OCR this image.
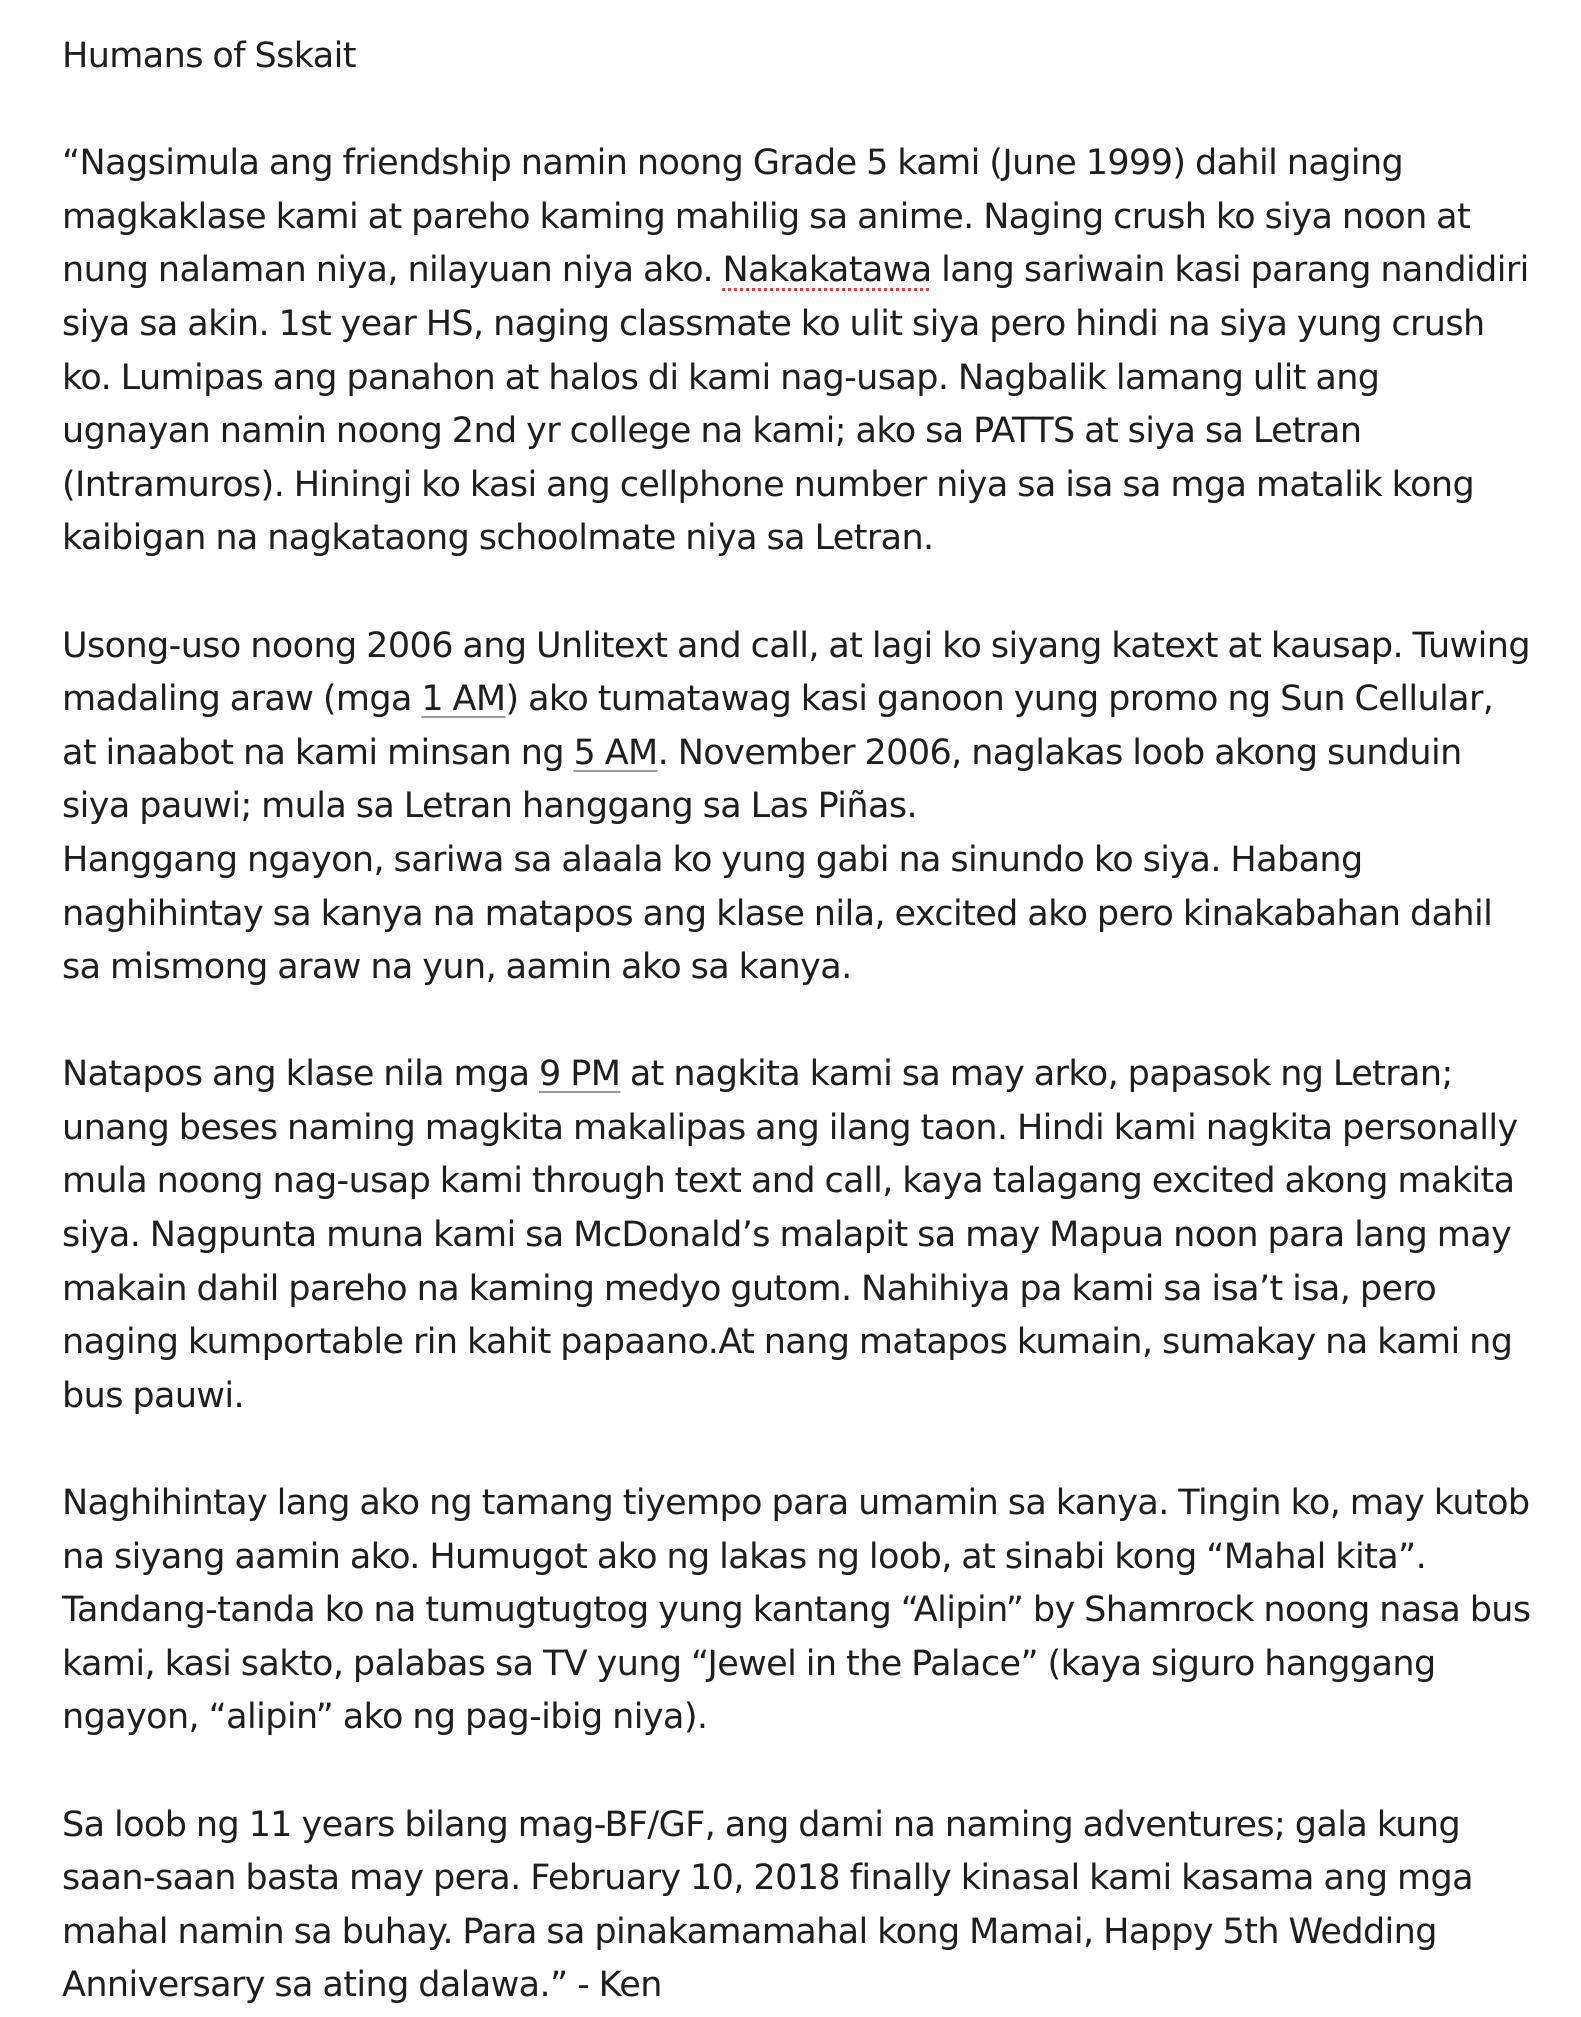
Humans of Sskait
“Nagsimula ang friendship namin noong Grade 5 kami (June 1999) dahil naging magkaklase kami at pareho kaming mahilig sa anime. Naging crush ko siya noon at nung nalaman niya, nilayuan niya ako. Nakakatawa lang sariwain kasi parang nandidiri siya sa akin. 1st year HS, naging classmate ko ulit siya pero hindi na siya yung crush ko. Lumipas ang panahon at halos di kami nag-usap. Nagbalik lamang ulit ang ugnayan namin noong 2nd yr college na kami; ako sa PATTS at siya sa Letran (Intramuros). Hiningi ko kasi ang cellphone number niya sa isa sa mga matalik kong kaibigan na nagkataong schoolmate niya sa Letran.
Usong-uso noong 2006 ang Unlitext and call, at lagi ko siyang katext at kausap. Tuwing madaling araw (mga 1 AM) ako tumatawag kasi ganoon yung promo ng Sun Cellular, at inaabot na kami minsan ng 5 AM. November 2006, naglakas loob akong sunduin siya pauwi; mula sa Letran hanggang sa Las Piñas.
Hanggang ngayon, sariwa sa alaala ko yung gabi na sinundo ko siya. Habang naghihintay sa kanya na matapos ang klase nila, excited ako pero kinakabahan dahil sa mismong araw na yun, aamin ako sa kanya.
Natapos ang klase nila mga 9 PM at nagkita kami sa may arko, papasok ng Letran; unang beses naming magkita makalipas ang ilang taon. Hindi kami nagkita personally mula noong nag-usap kami through text and call, kaya talagang excited akong makita siya. Nagpunta muna kami sa McDonald’s malapit sa may Mapua noon para lang may makain dahil pareho na kaming medyo gutom. Nahihiya pa kami sa isa’t isa, pero naging kumportable rin kahit papaano.At nang matapos kumain, sumakay na kami ng bus pauwi.
Naghihintay lang ako ng tamang tiyempo para umamin sa kanya. Tingin ko, may kutob na siyang aamin ako. Humugot ako ng lakas ng loob, at sinabi kong “Mahal kita”. Tandang-tanda ko na tumugtugtog yung kantang “Alipin” by Shamrock noong nasa bus kami, kasi sakto, palabas sa TV yung “Jewel in the Palace” (kaya siguro hanggang ngayon, “alipin” ako ng pag-ibig niya).
Sa loob ng 11 years bilang mag-BF/GF, ang dami na naming adventures; gala kung saan-saan basta may pera. February 10, 2018 finally kinasal kami kasama ang mga mahal namin sa buhay. Para sa pinakamamahal kong Mamai, Happy 5th Wedding Anniversary sa ating dalawa.” - Ken
